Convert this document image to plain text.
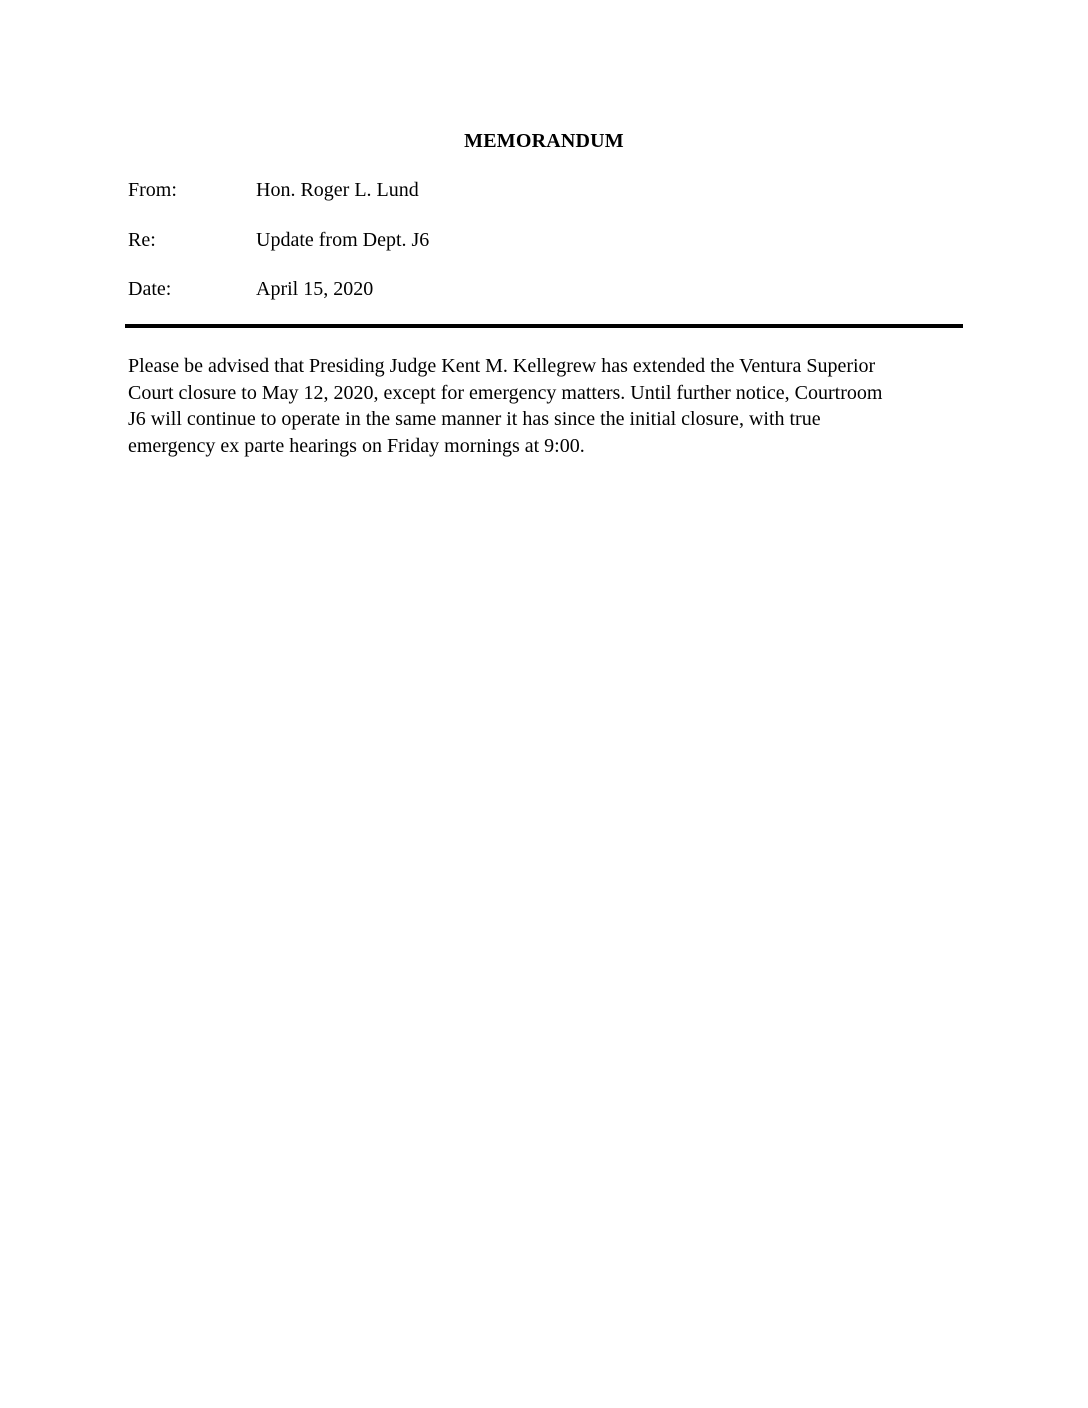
MEMORANDUM
From:	Hon. Roger L. Lund
Re:	Update from Dept. J6
Date:	April 15, 2020
Please be advised that Presiding Judge Kent M. Kellegrew has extended the Ventura Superior
Court closure to May 12, 2020, except for emergency matters. Until further notice, Courtroom
J6 will continue to operate in the same manner it has since the initial closure, with true
emergency ex parte hearings on Friday mornings at 9:00.
